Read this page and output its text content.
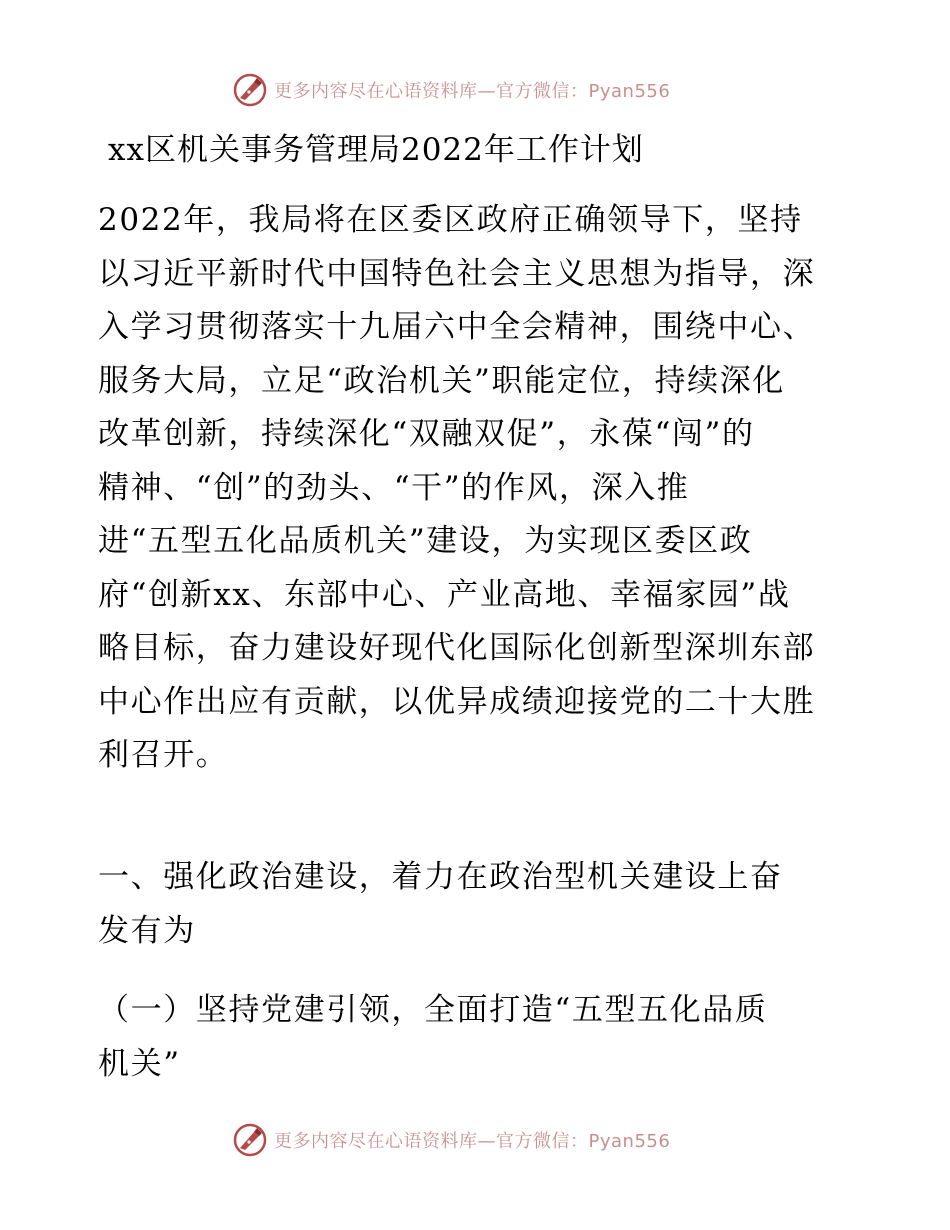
更多内容尽在心语资料库—官方微信：Pyan556
xx区机关事务管理局2022年工作计划
2022年，我局将在区委区政府正确领导下，坚持
以习近平新时代中国特色社会主义思想为指导，深
入学习贯彻落实十九届六中全会精神，围绕中心、
服务大局，立足“政治机关”职能定位，持续深化
改革创新，持续深化“双融双促”，永葆“闯”的
精神、“创”的劲头、“干”的作风，深入推
进“五型五化品质机关”建设，为实现区委区政
府“创新xx、东部中心、产业高地、幸福家园”战
略目标，奋力建设好现代化国际化创新型深圳东部
中心作出应有贡献，以优异成绩迎接党的二十大胜
利召开。
一、强化政治建设，着力在政治型机关建设上奋
发有为
（一）坚持党建引领，全面打造“五型五化品质
机关”
更多内容尽在心语资料库—官方微信：Pyan556
